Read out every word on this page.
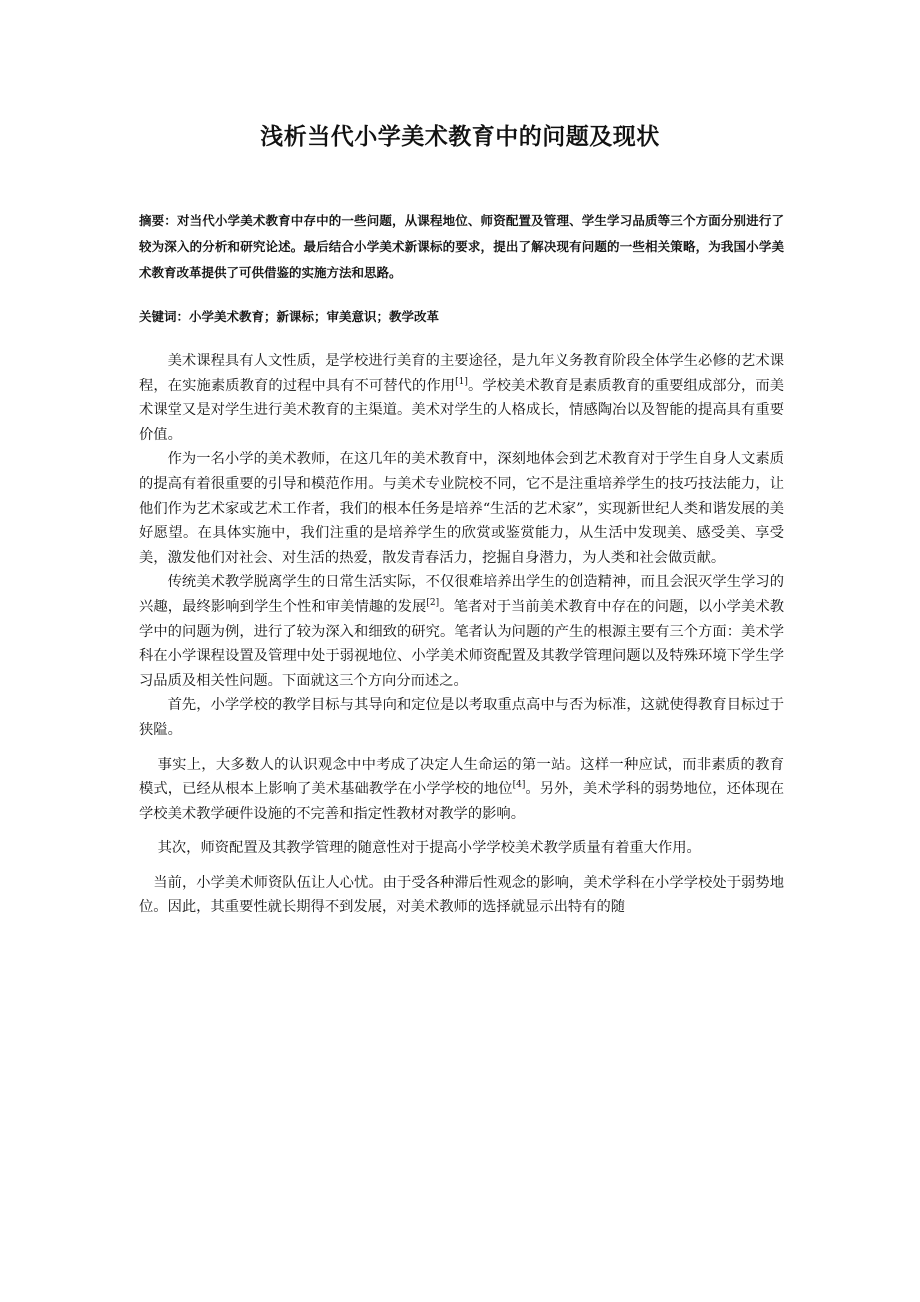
浅析当代小学美术教育中的问题及现状

摘要：对当代小学美术教育中存中的一些问题，从课程地位、师资配置及管理、学生学习品质等三个方面分别进行了较为深入的分析和研究论述。最后结合小学美术新课标的要求，提出了解决现有问题的一些相关策略，为我国小学美术教育改革提供了可供借鉴的实施方法和思路。

关键词：小学美术教育；新课标；审美意识；教学改革

美术课程具有人文性质，是学校进行美育的主要途径，是九年义务教育阶段全体学生必修的艺术课程，在实施素质教育的过程中具有不可替代的作用[1]。学校美术教育是素质教育的重要组成部分，而美术课堂又是对学生进行美术教育的主渠道。美术对学生的人格成长，情感陶冶以及智能的提高具有重要价值。

作为一名小学的美术教师，在这几年的美术教育中，深刻地体会到艺术教育对于学生自身人文素质的提高有着很重要的引导和模范作用。与美术专业院校不同，它不是注重培养学生的技巧技法能力，让他们作为艺术家或艺术工作者，我们的根本任务是培养“生活的艺术家”，实现新世纪人类和谐发展的美好愿望。在具体实施中，我们注重的是培养学生的欣赏或鉴赏能力，从生活中发现美、感受美、享受美，激发他们对社会、对生活的热爱，散发青春活力，挖掘自身潜力，为人类和社会做贡献。

传统美术教学脱离学生的日常生活实际，不仅很难培养出学生的创造精神，而且会泯灭学生学习的兴趣，最终影响到学生个性和审美情趣的发展[2]。笔者对于当前美术教育中存在的问题，以小学美术教学中的问题为例，进行了较为深入和细致的研究。笔者认为问题的产生的根源主要有三个方面：美术学科在小学课程设置及管理中处于弱视地位、小学美术师资配置及其教学管理问题以及特殊环境下学生学习品质及相关性问题。下面就这三个方向分而述之。

首先，小学学校的教学目标与其导向和定位是以考取重点高中与否为标准，这就使得教育目标过于狭隘。

事实上，大多数人的认识观念中中考成了决定人生命运的第一站。这样一种应试，而非素质的教育模式，已经从根本上影响了美术基础教学在小学学校的地位[4]。另外，美术学科的弱势地位，还体现在学校美术教学硬件设施的不完善和指定性教材对教学的影响。

其次，师资配置及其教学管理的随意性对于提高小学学校美术教学质量有着重大作用。

当前，小学美术师资队伍让人心忧。由于受各种滞后性观念的影响，美术学科在小学学校处于弱势地位。因此，其重要性就长期得不到发展，对美术教师的选择就显示出特有的随
